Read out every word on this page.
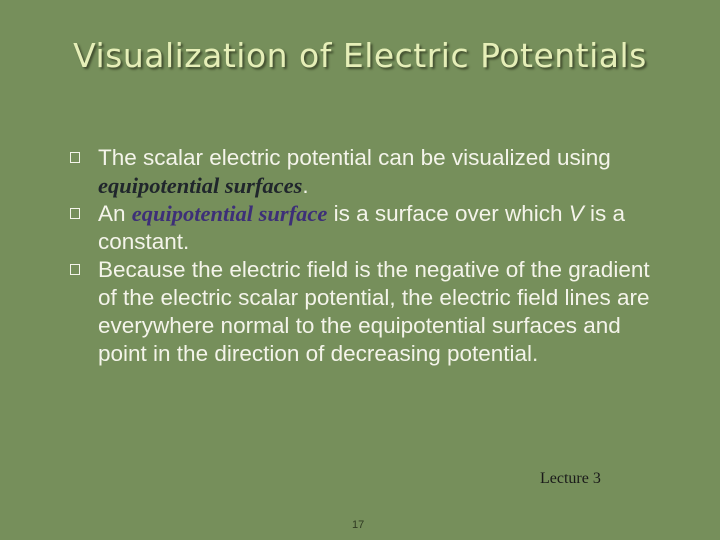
Visualization of Electric Potentials
The scalar electric potential can be visualized using equipotential surfaces.
An equipotential surface is a surface over which V is a constant.
Because the electric field is the negative of the gradient of the electric scalar potential, the electric field lines are everywhere normal to the equipotential surfaces and point in the direction of decreasing potential.
Lecture 3
17
